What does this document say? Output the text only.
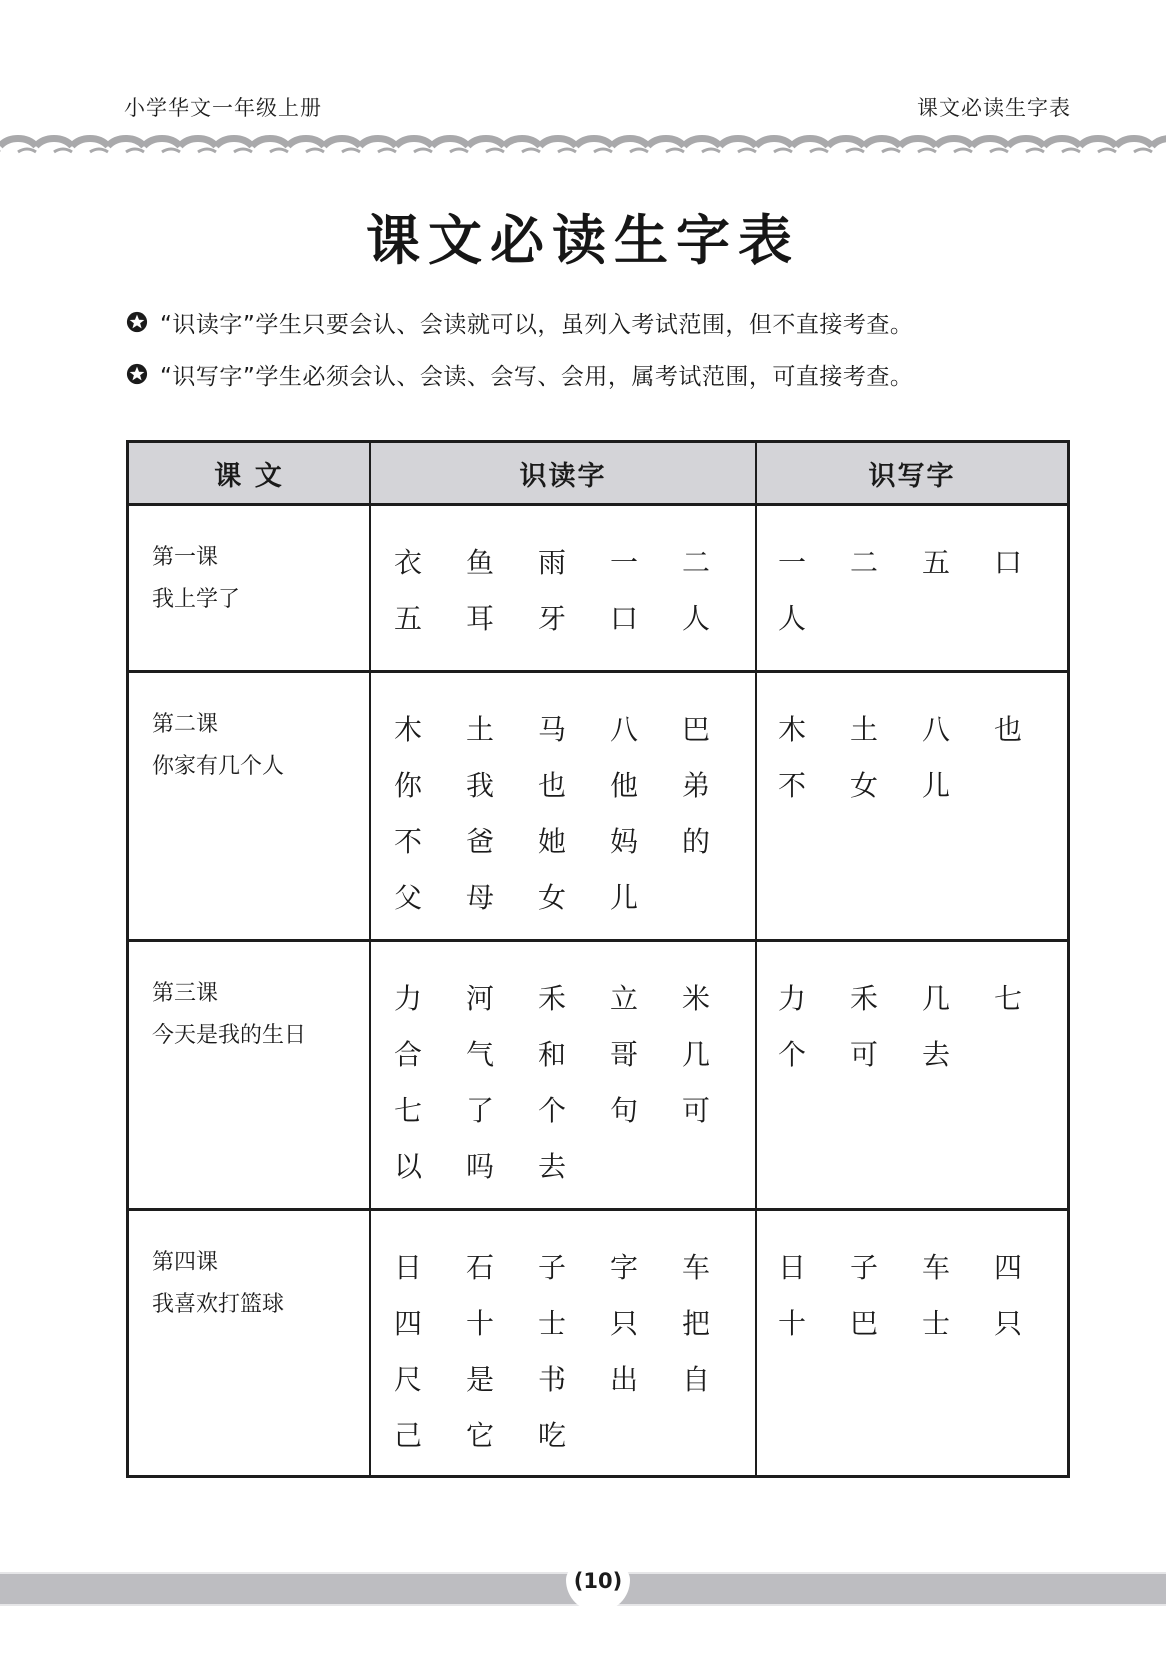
小学华文一年级上册	课文必读生字表
课文必读生字表
“识读字”学生只要会认、会读就可以，虽列入考试范围，但不直接考查。
“识写字”学生必须会认、会读、会写、会用，属考试范围，可直接考查。
课 文	识读字	识写字

第一课
我上学了

衣	鱼	雨	一	二
五	耳	牙	口	人

一	二	五	口
人

第二课
你家有几个人

木	土	马	八	巴
你	我	也	他	弟
不	爸	她	妈	的
父	母	女	儿

木	土	八	也
不	女	儿

第三课
今天是我的生日

力	河	禾	立	米
合	气	和	哥	几
七	了	个	句	可
以	吗	去

力	禾	几	七
个	可	去

第四课
我喜欢打篮球

日	石	子	字	车
四	十	士	只	把
尺	是	书	出	自
己	它	吃

日	子	车	四
十	巴	士	只
(10)
